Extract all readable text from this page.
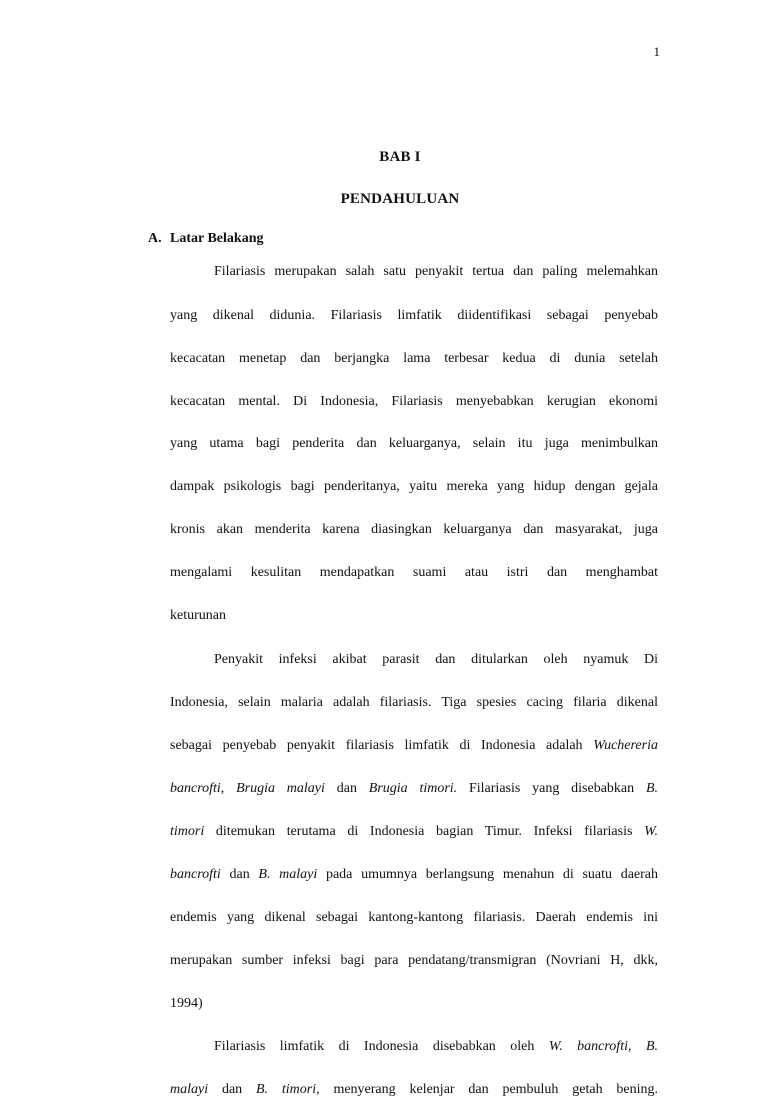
1
BAB I
PENDAHULUAN
A. Latar Belakang
Filariasis merupakan salah satu penyakit tertua dan paling melemahkan
yang dikenal didunia. Filariasis limfatik diidentifikasi sebagai penyebab
kecacatan menetap dan berjangka lama terbesar kedua di dunia setelah
kecacatan mental. Di Indonesia, Filariasis menyebabkan kerugian ekonomi
yang utama bagi penderita dan keluarganya, selain itu juga menimbulkan
dampak psikologis bagi penderitanya, yaitu mereka yang hidup dengan gejala
kronis akan menderita karena diasingkan keluarganya dan masyarakat, juga
mengalami kesulitan mendapatkan suami atau istri dan menghambat
keturunan
Penyakit infeksi akibat parasit dan ditularkan oleh nyamuk Di
Indonesia, selain malaria adalah filariasis. Tiga spesies cacing filaria dikenal
sebagai penyebab penyakit filariasis limfatik di Indonesia adalah Wuchereria
bancrofti, Brugia malayi dan Brugia timori. Filariasis yang disebabkan B.
timori ditemukan terutama di Indonesia bagian Timur. Infeksi filariasis W.
bancrofti dan B. malayi pada umumnya berlangsung menahun di suatu daerah
endemis yang dikenal sebagai kantong-kantong filariasis. Daerah endemis ini
merupakan sumber infeksi bagi para pendatang/transmigran (Novriani H, dkk,
1994)
Filariasis limfatik di Indonesia disebabkan oleh W. bancrofti, B.
malayi dan B. timori, menyerang kelenjar dan pembuluh getah bening.
